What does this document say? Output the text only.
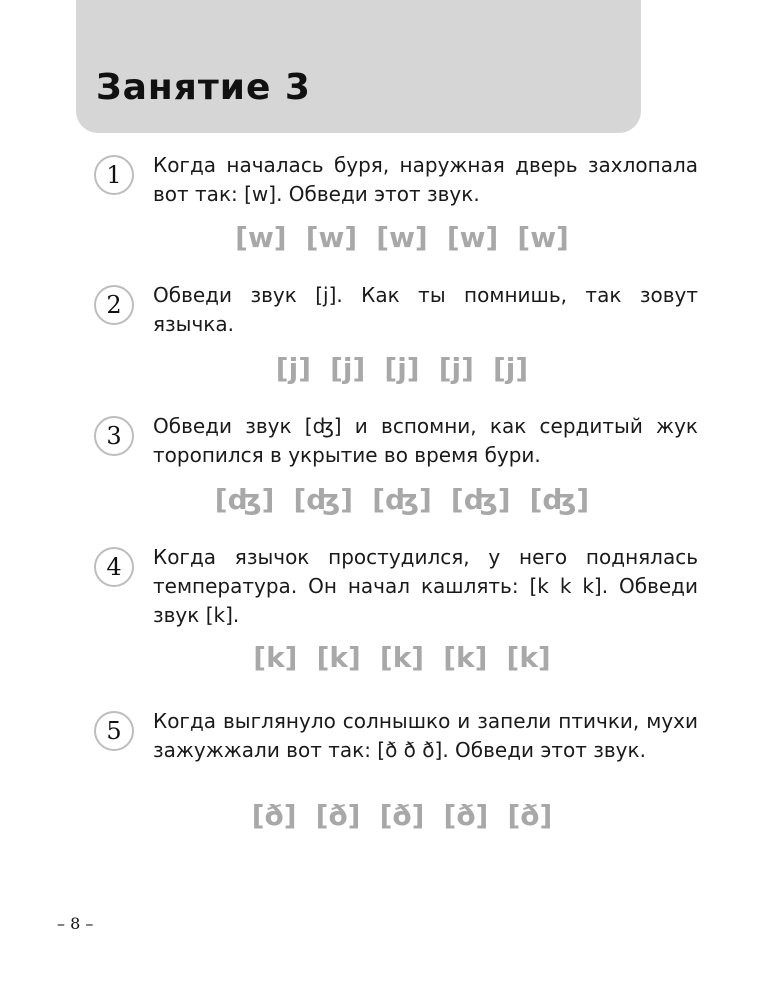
Занятие 3
1	Когда началась буря, наружная дверь захлопала вот так: [w]. Обведи этот звук.

[w] [w] [w] [w] [w]
2	Обведи звук [j]. Как ты помнишь, так зовут язычка.

[j] [j] [j] [j] [j]
3	Обведи звук [ʤ] и вспомни, как сердитый жук торопился в укрытие во время бури.

[ʤ] [ʤ] [ʤ] [ʤ] [ʤ]
4	Когда язычок простудился, у него поднялась температура. Он начал кашлять: [k k k]. Обведи звук [k].

[k] [k] [k] [k] [k]
5	Когда выглянуло солнышко и запели птички, мухи зажужжали вот так: [ð ð ð]. Обведи этот звук.

[ð] [ð] [ð] [ð] [ð]
– 8 –
